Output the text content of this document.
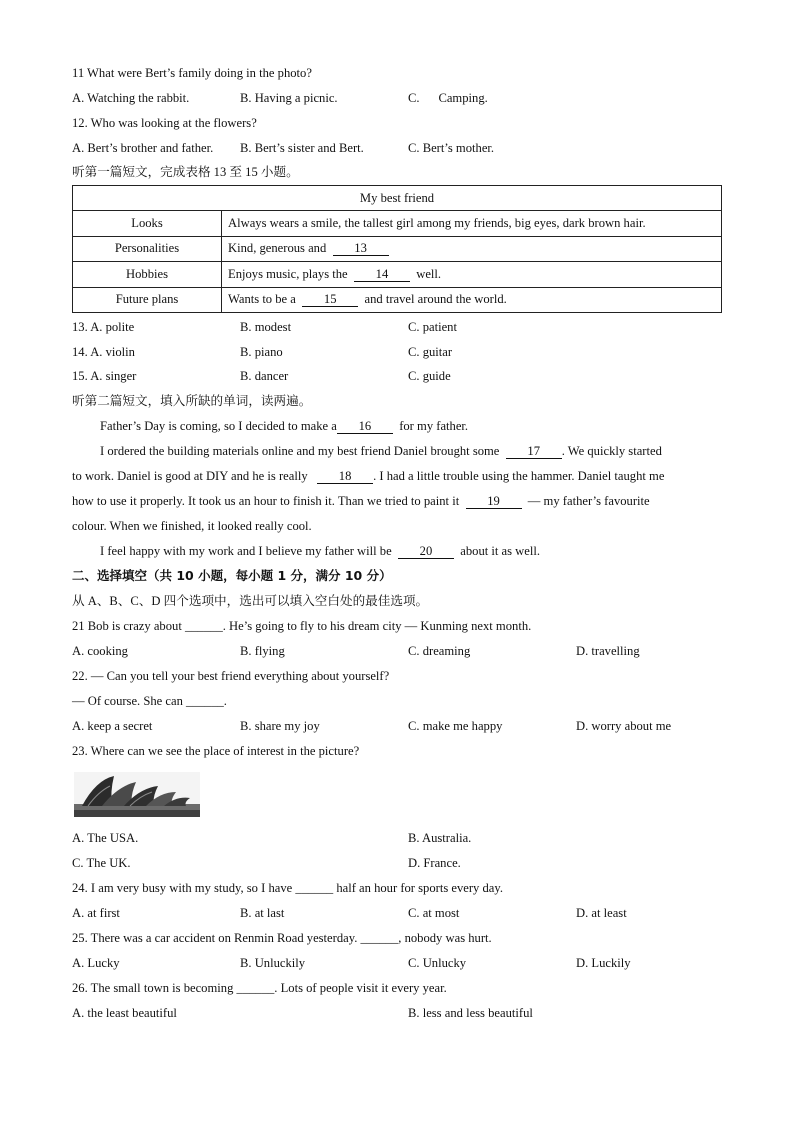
11 What were Bert’s family doing in the photo?
A. Watching the rabbit.	B. Having a picnic.	C.      Camping.
12. Who was looking at the flowers?
A. Bert’s brother and father. B. Bert’s sister and Bert.	C. Bert’s mother.
听第一篇短文，完成表格 13 至 15 小题。
My best friend	
Looks	Always wears a smile, the tallest girl among my friends, big eyes, dark brown hair.
Personalities	Kind, generous and 13
Hobbies	Enjoys music, plays the 14 well.
Future plans	Wants to be a 15 and travel around the world.
13. A. polite	B. modest	C. patient
14. A. violin	B. piano	C. guitar
15. A. singer	B. dancer	C. guide
听第二篇短文，填入所缺的单词，读两遍。
Father’s Day is coming, so I decided to make a 16 for my father.
I ordered the building materials online and my best friend Daniel brought some 17 . We quickly started
to work. Daniel is good at DIY and he is really 18 . I had a little trouble using the hammer. Daniel taught me
how to use it properly. It took us an hour to finish it. Than we tried to paint it 19 — my father’s favourite
colour. When we finished, it looked really cool.
I feel happy with my work and I believe my father will be 20 about it as well.
二、选择填空（共 10 小题，每小题 1 分，满分 10 分）
从 A、B、C、D 四个选项中，选出可以填入空白处的最佳选项。
21 Bob is crazy about ______. He’s going to fly to his dream city — Kunming next month.
A. cooking	B. flying	C. dreaming	D. travelling
22. — Can you tell your best friend everything about yourself?
— Of course. She can ______.
A. keep a secret	B. share my joy	C. make me happy	D. worry about me
23. Where can we see the place of interest in the picture?
A. The USA.	B. Australia.
C. The UK.	D. France.
24. I am very busy with my study, so I have ______ half an hour for sports every day.
A. at first	B. at last	C. at most	D. at least
25. There was a car accident on Renmin Road yesterday. ______, nobody was hurt.
A. Lucky	B. Unluckily	C. Unlucky	D. Luckily
26. The small town is becoming ______. Lots of people visit it every year.
A. the least beautiful	B. less and less beautiful
